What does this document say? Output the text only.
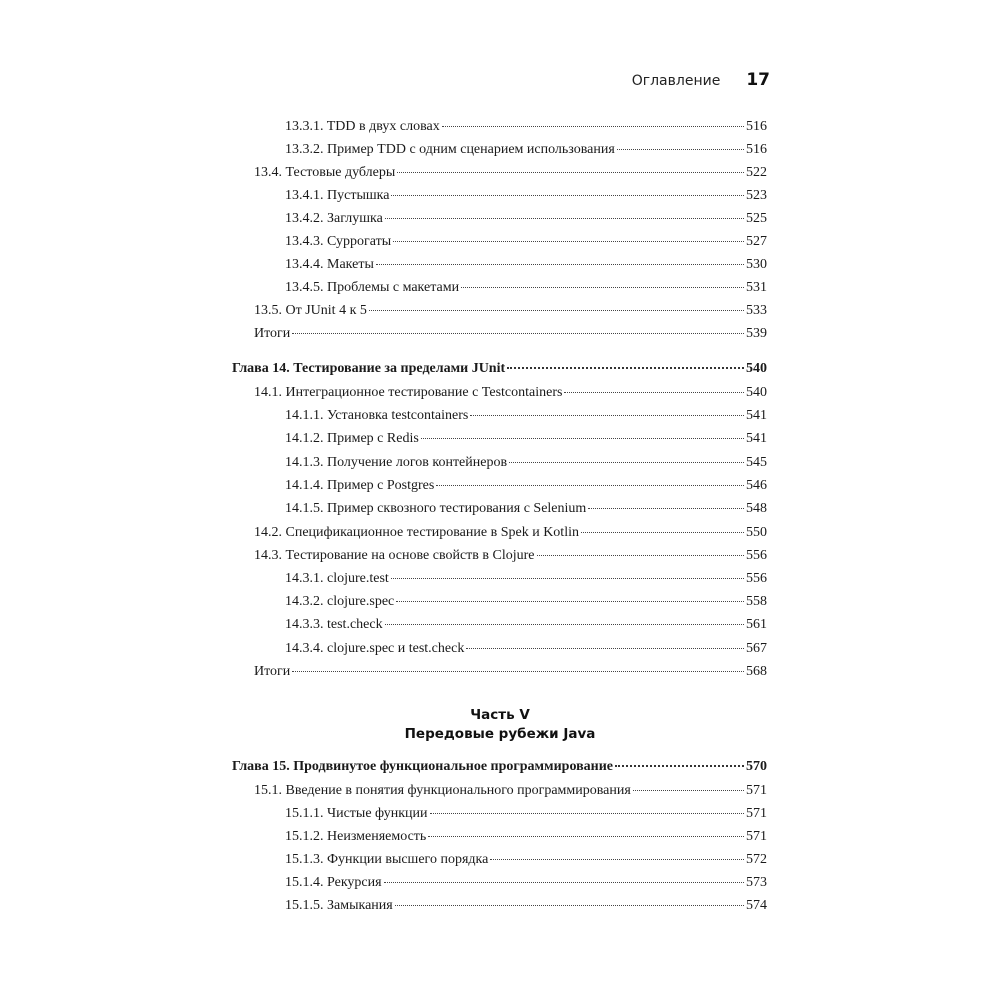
Оглавление 17
13.3.1. TDD в двух словах	516
13.3.2. Пример TDD с одним сценарием использования	516
13.4. Тестовые дублеры	522
13.4.1. Пустышка	523
13.4.2. Заглушка	525
13.4.3. Суррогаты	527
13.4.4. Макеты	530
13.4.5. Проблемы с макетами	531
13.5. От JUnit 4 к 5	533
Итоги	539
Глава 14. Тестирование за пределами JUnit	540
14.1. Интеграционное тестирование с Testcontainers	540
14.1.1. Установка testcontainers	541
14.1.2. Пример с Redis	541
14.1.3. Получение логов контейнеров	545
14.1.4. Пример с Postgres	546
14.1.5. Пример сквозного тестирования с Selenium	548
14.2. Спецификационное тестирование в Spek и Kotlin	550
14.3. Тестирование на основе свойств в Clojure	556
14.3.1. clojure.test	556
14.3.2. clojure.spec	558
14.3.3. test.check	561
14.3.4. clojure.spec и test.check	567
Итоги	568
Глава 15. Продвинутое функциональное программирование	570
15.1. Введение в понятия функционального программирования	571
15.1.1. Чистые функции	571
15.1.2. Неизменяемость	571
15.1.3. Функции высшего порядка	572
15.1.4. Рекурсия	573
15.1.5. Замыкания	574
Часть V
Передовые рубежи Java
